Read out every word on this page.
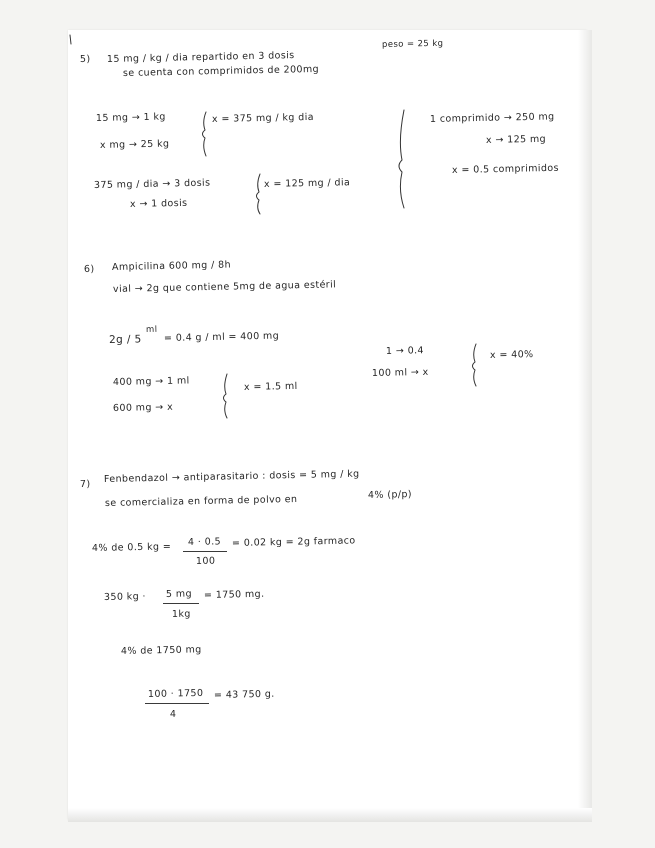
5) 15 mg / kg / dia repartido en 3 dosis
peso = 25 kg
se cuenta con comprimidos de 200mg
15 mg → 1 kg
x mg → 25 kg
x = 375 mg / kg dia
375 mg / dia → 3 dosis
x → 1 dosis
x = 125 mg / dia
1 comprimido → 250 mg
x → 125 mg
x = 0.5 comprimidos
6) Ampicilina 600 mg / 8h
vial → 2g que contiene 5mg de agua estéril
2g / 5
ml
= 0.4 g / ml = 400 mg
400 mg → 1 ml
600 mg → x
x = 1.5 ml
1 → 0.4
100 ml → x
x = 40%
7) Fenbendazol → antiparasitario : dosis = 5 mg / kg
se comercializa en forma de polvo en	4% (p/p)
4% de 0.5 kg = 4 · 0.5
100
= 0.02 kg = 2g farmaco
350 kg · 5 mg
1kg
= 1750 mg.
4% de 1750 mg
100 · 1750
4
= 43 750 g.
